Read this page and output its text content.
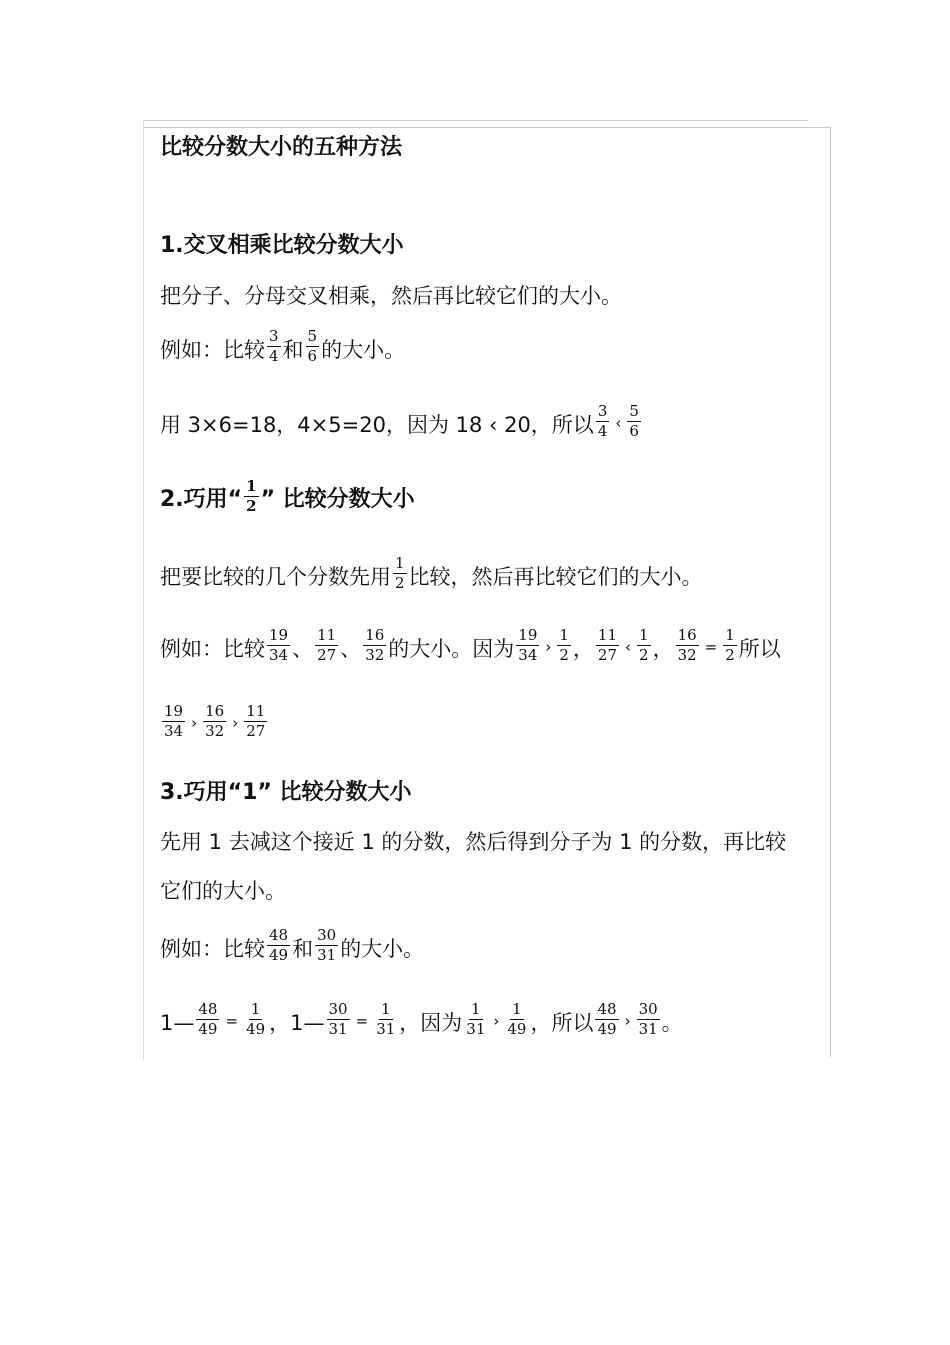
比较分数大小的五种方法
1.交叉相乘比较分数大小
把分子、分母交叉相乘，然后再比较它们的大小。
例如：比较 $\frac{3}{4}$ 和 $\frac{5}{6}$ 的大小。
用 3×6=18，4×5=20，因为 18 ‹ 20，所以 $\frac{3}{4}$ ‹ $\frac{5}{6}$
2.巧用“ $\frac{1}{2}$ ” 比较分数大小
把要比较的几个分数先用 $\frac{1}{2}$ 比较，然后再比较它们的大小。
例如：比较 $\frac{19}{34}$ 、 $\frac{11}{27}$ 、 $\frac{16}{32}$ 的大小。因为 $\frac{19}{34}$ › $\frac{1}{2}$ ， $\frac{11}{27}$ ‹ $\frac{1}{2}$ ， $\frac{16}{32} = \frac{1}{2}$ 所以
$\frac{19}{34}$ › $\frac{16}{32}$ › $\frac{11}{27}$
3.巧用“1” 比较分数大小
先用 1 去减这个接近 1 的分数，然后得到分子为 1 的分数，再比较
它们的大小。
例如：比较 $\frac{48}{49}$ 和 $\frac{30}{31}$ 的大小。
1 — $\frac{48}{49} = \frac{1}{49}$ ， 1 — $\frac{30}{31} = \frac{1}{31}$ ，因为 $\frac{1}{31}$ › $\frac{1}{49}$ ，所以 $\frac{48}{49}$ › $\frac{30}{31}$ 。
